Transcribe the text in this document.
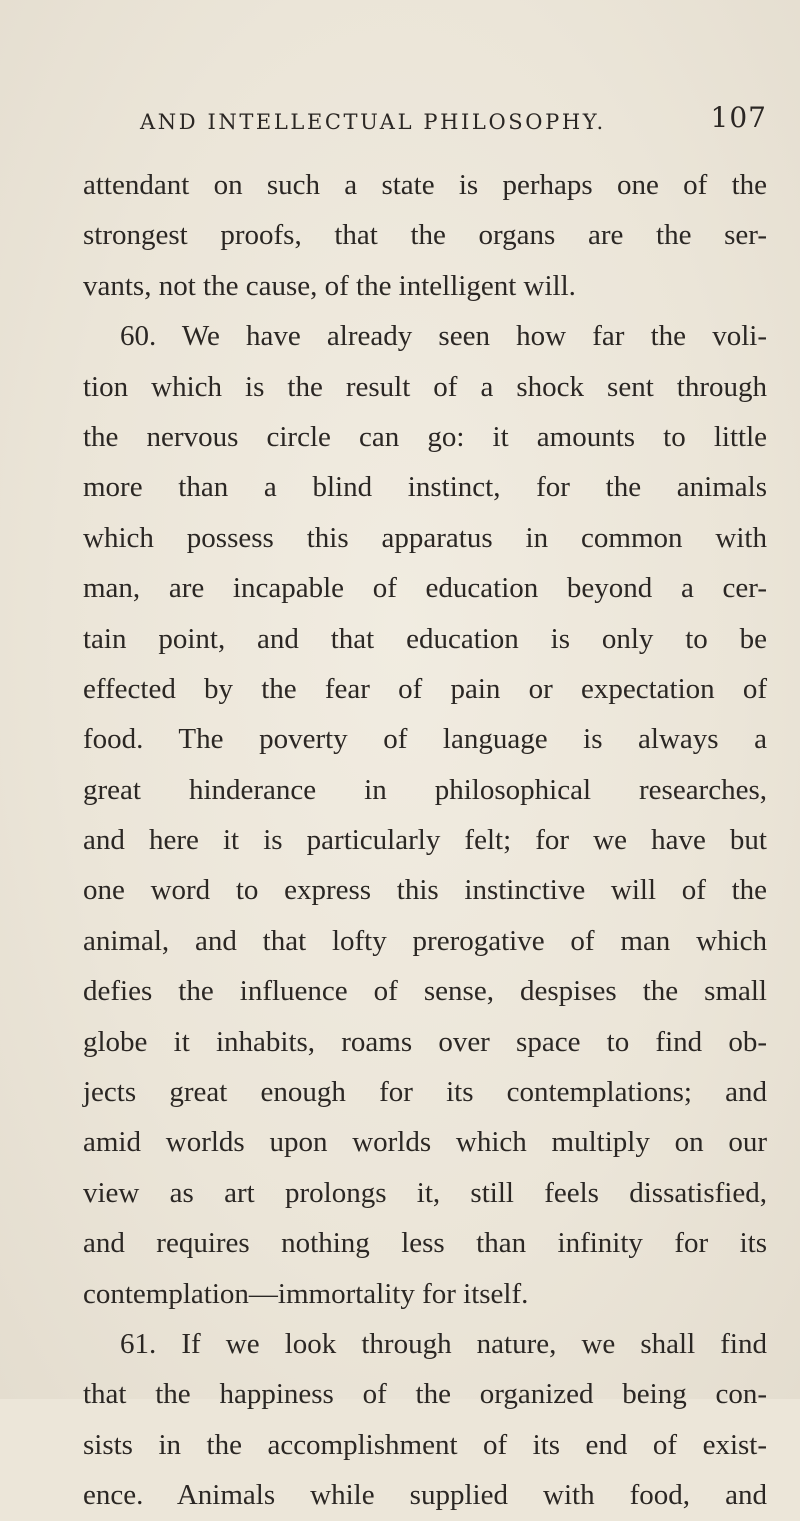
AND INTELLECTUAL PHILOSOPHY.	107
attendant on such a state is perhaps one of the
strongest proofs, that the organs are the ser-
vants, not the cause, of the intelligent will.
60. We have already seen how far the voli-
tion which is the result of a shock sent through
the nervous circle can go: it amounts to little
more than a blind instinct, for the animals
which possess this apparatus in common with
man, are incapable of education beyond a cer-
tain point, and that education is only to be
effected by the fear of pain or expectation of
food. The poverty of language is always a
great hinderance in philosophical researches,
and here it is particularly felt; for we have but
one word to express this instinctive will of the
animal, and that lofty prerogative of man which
defies the influence of sense, despises the small
globe it inhabits, roams over space to find ob-
jects great enough for its contemplations; and
amid worlds upon worlds which multiply on our
view as art prolongs it, still feels dissatisfied,
and requires nothing less than infinity for its
contemplation—immortality for itself.
61. If we look through nature, we shall find
that the happiness of the organized being con-
sists in the accomplishment of its end of exist-
ence. Animals while supplied with food, and
